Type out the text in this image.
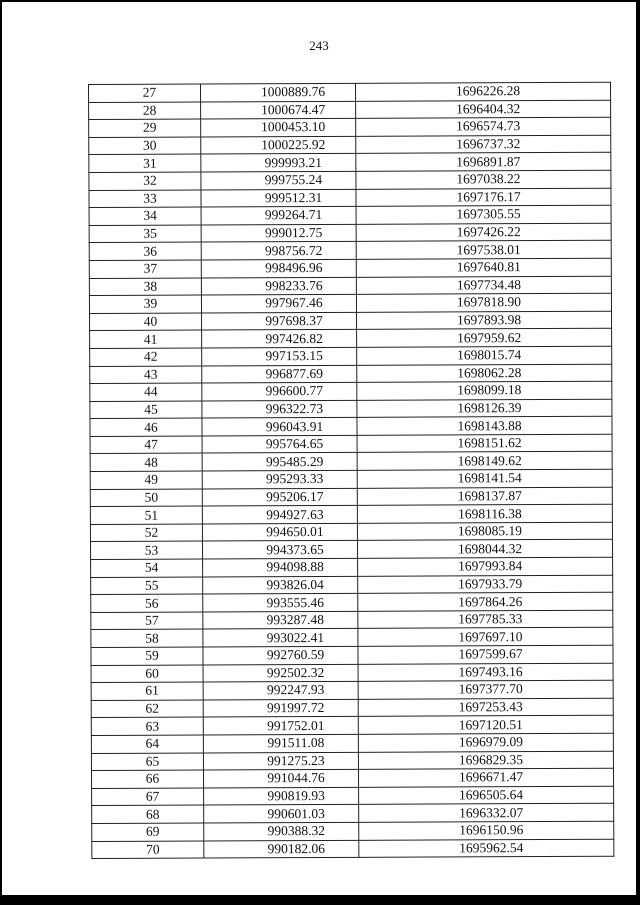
243
27	1000889.76	1696226.28
28	1000674.47	1696404.32
29	1000453.10	1696574.73
30	1000225.92	1696737.32
31	999993.21	1696891.87
32	999755.24	1697038.22
33	999512.31	1697176.17
34	999264.71	1697305.55
35	999012.75	1697426.22
36	998756.72	1697538.01
37	998496.96	1697640.81
38	998233.76	1697734.48
39	997967.46	1697818.90
40	997698.37	1697893.98
41	997426.82	1697959.62
42	997153.15	1698015.74
43	996877.69	1698062.28
44	996600.77	1698099.18
45	996322.73	1698126.39
46	996043.91	1698143.88
47	995764.65	1698151.62
48	995485.29	1698149.62
49	995293.33	1698141.54
50	995206.17	1698137.87
51	994927.63	1698116.38
52	994650.01	1698085.19
53	994373.65	1698044.32
54	994098.88	1697993.84
55	993826.04	1697933.79
56	993555.46	1697864.26
57	993287.48	1697785.33
58	993022.41	1697697.10
59	992760.59	1697599.67
60	992502.32	1697493.16
61	992247.93	1697377.70
62	991997.72	1697253.43
63	991752.01	1697120.51
64	991511.08	1696979.09
65	991275.23	1696829.35
66	991044.76	1696671.47
67	990819.93	1696505.64
68	990601.03	1696332.07
69	990388.32	1696150.96
70	990182.06	1695962.54
